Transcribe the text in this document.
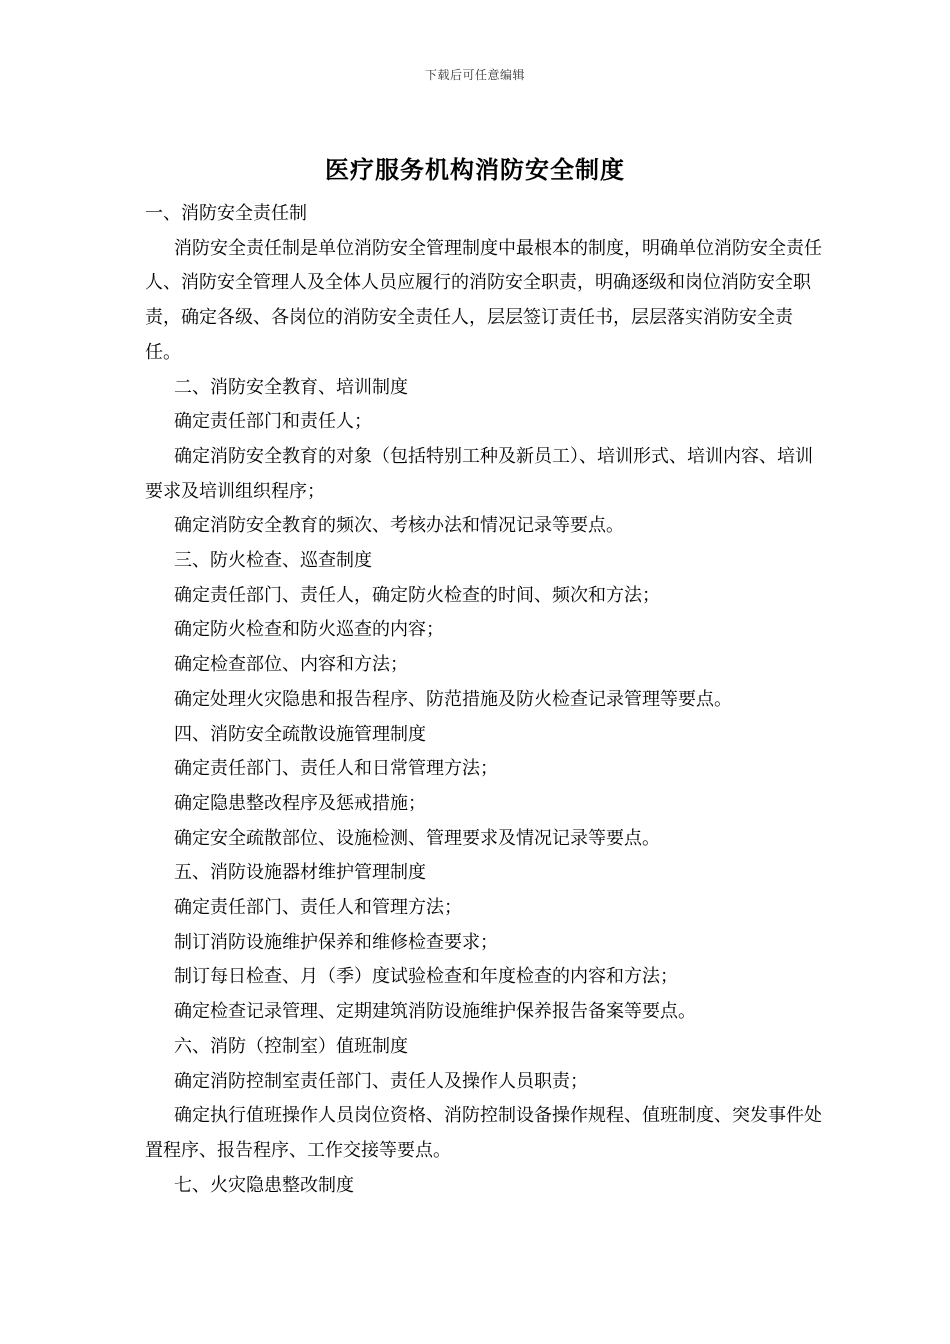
下载后可任意编辑
医疗服务机构消防安全制度

一、消防安全责任制

消防安全责任制是单位消防安全管理制度中最根本的制度，明确单位消防安全责任人、消防安全管理人及全体人员应履行的消防安全职责，明确逐级和岗位消防安全职责，确定各级、各岗位的消防安全责任人，层层签订责任书，层层落实消防安全责任。

二、消防安全教育、培训制度

确定责任部门和责任人；

确定消防安全教育的对象（包括特别工种及新员工）、培训形式、培训内容、培训要求及培训组织程序；

确定消防安全教育的频次、考核办法和情况记录等要点。

三、防火检查、巡查制度

确定责任部门、责任人，确定防火检查的时间、频次和方法；

确定防火检查和防火巡查的内容；

确定检查部位、内容和方法；

确定处理火灾隐患和报告程序、防范措施及防火检查记录管理等要点。

四、消防安全疏散设施管理制度

确定责任部门、责任人和日常管理方法；

确定隐患整改程序及惩戒措施；

确定安全疏散部位、设施检测、管理要求及情况记录等要点。

五、消防设施器材维护管理制度

确定责任部门、责任人和管理方法；

制订消防设施维护保养和维修检查要求；

制订每日检查、月（季）度试验检查和年度检查的内容和方法；

确定检查记录管理、定期建筑消防设施维护保养报告备案等要点。

六、消防（控制室）值班制度

确定消防控制室责任部门、责任人及操作人员职责；

确定执行值班操作人员岗位资格、消防控制设备操作规程、值班制度、突发事件处置程序、报告程序、工作交接等要点。

七、火灾隐患整改制度
